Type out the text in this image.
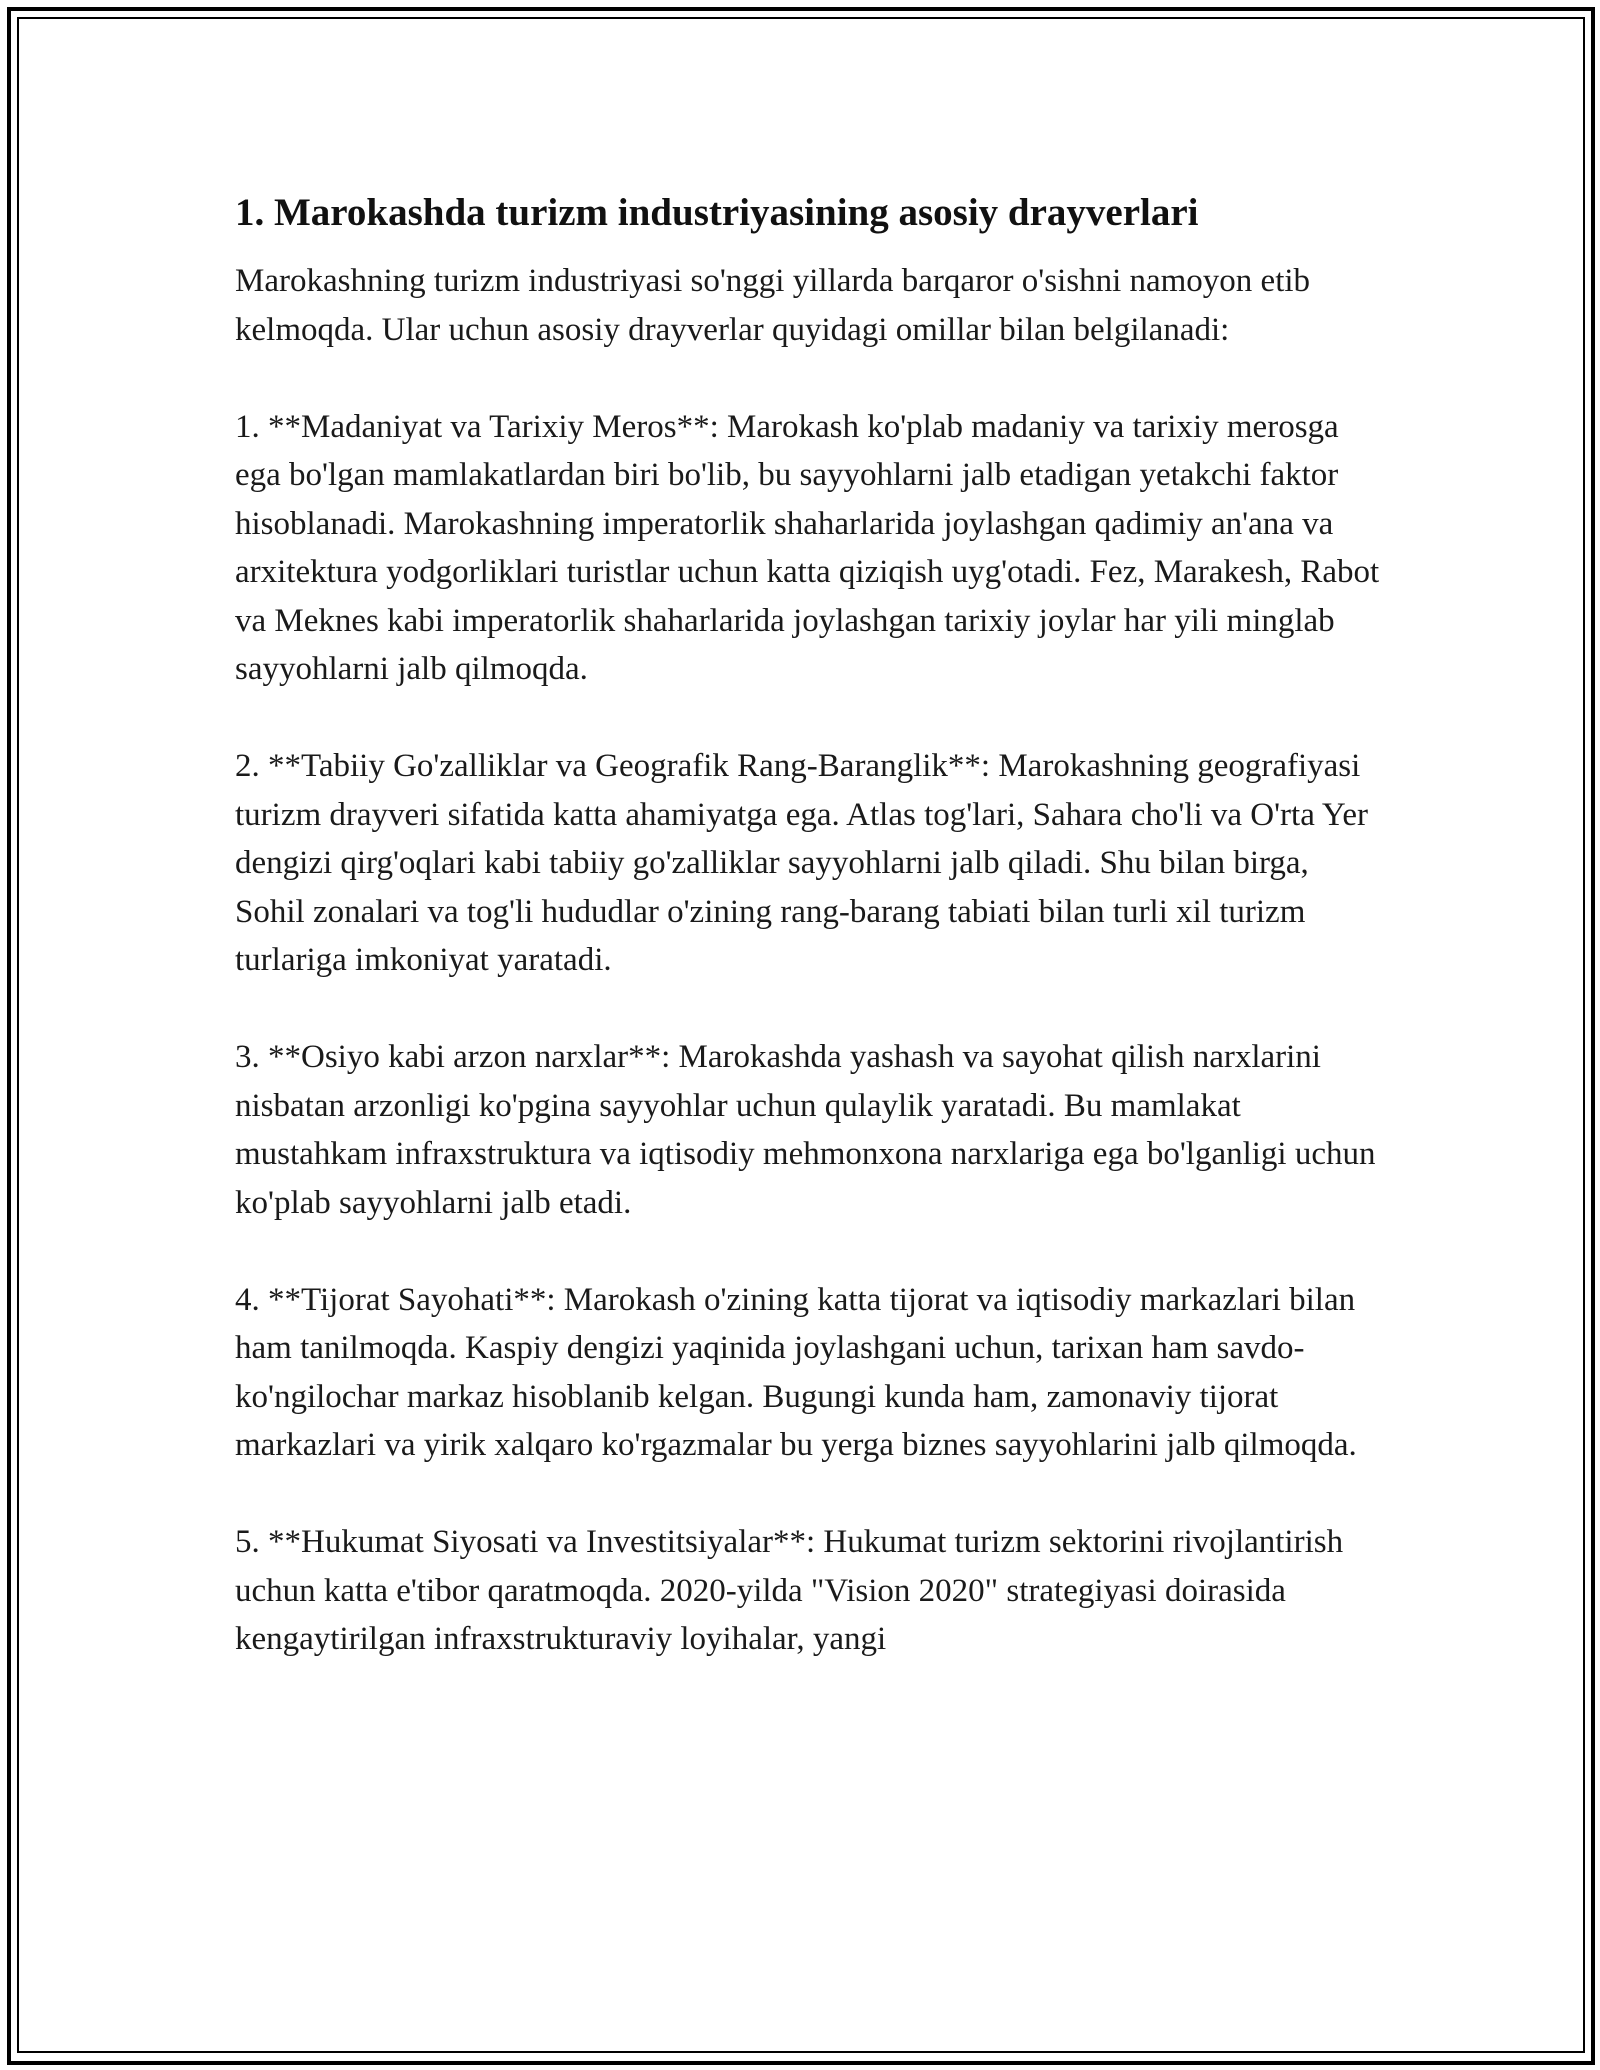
1. Marokashda turizm industriyasining asosiy drayverlari

Marokashning turizm industriyasi so'nggi yillarda barqaror o'sishni namoyon etib kelmoqda. Ular uchun asosiy drayverlar quyidagi omillar bilan belgilanadi:

1. **Madaniyat va Tarixiy Meros**: Marokash ko'plab madaniy va tarixiy merosga ega bo'lgan mamlakatlardan biri bo'lib, bu sayyohlarni jalb etadigan yetakchi faktor hisoblanadi. Marokashning imperatorlik shaharlarida joylashgan qadimiy an'ana va arxitektura yodgorliklari turistlar uchun katta qiziqish uyg'otadi. Fez, Marakesh, Rabot va Meknes kabi imperatorlik shaharlarida joylashgan tarixiy joylar har yili minglab sayyohlarni jalb qilmoqda.

2. **Tabiiy Go'zalliklar va Geografik Rang-Baranglik**: Marokashning geografiyasi turizm drayveri sifatida katta ahamiyatga ega. Atlas tog'lari, Sahara cho'li va O'rta Yer dengizi qirg'oqlari kabi tabiiy go'zalliklar sayyohlarni jalb qiladi. Shu bilan birga, Sohil zonalari va tog'li hududlar o'zining rang-barang tabiati bilan turli xil turizm turlariga imkoniyat yaratadi.

3. **Osiyo kabi arzon narxlar**: Marokashda yashash va sayohat qilish narxlarini nisbatan arzonligi ko'pgina sayyohlar uchun qulaylik yaratadi. Bu mamlakat mustahkam infraxstruktura va iqtisodiy mehmonxona narxlariga ega bo'lganligi uchun ko'plab sayyohlarni jalb etadi.

4. **Tijorat Sayohati**: Marokash o'zining katta tijorat va iqtisodiy markazlari bilan ham tanilmoqda. Kaspiy dengizi yaqinida joylashgani uchun, tarixan ham savdo-ko'ngilochar markaz hisoblanib kelgan. Bugungi kunda ham, zamonaviy tijorat markazlari va yirik xalqaro ko'rgazmalar bu yerga biznes sayyohlarini jalb qilmoqda.

5. **Hukumat Siyosati va Investitsiyalar**: Hukumat turizm sektorini rivojlantirish uchun katta e'tibor qaratmoqda. 2020-yilda "Vision 2020" strategiyasi doirasida kengaytirilgan infraxstrukturaviy loyihalar, yangi
